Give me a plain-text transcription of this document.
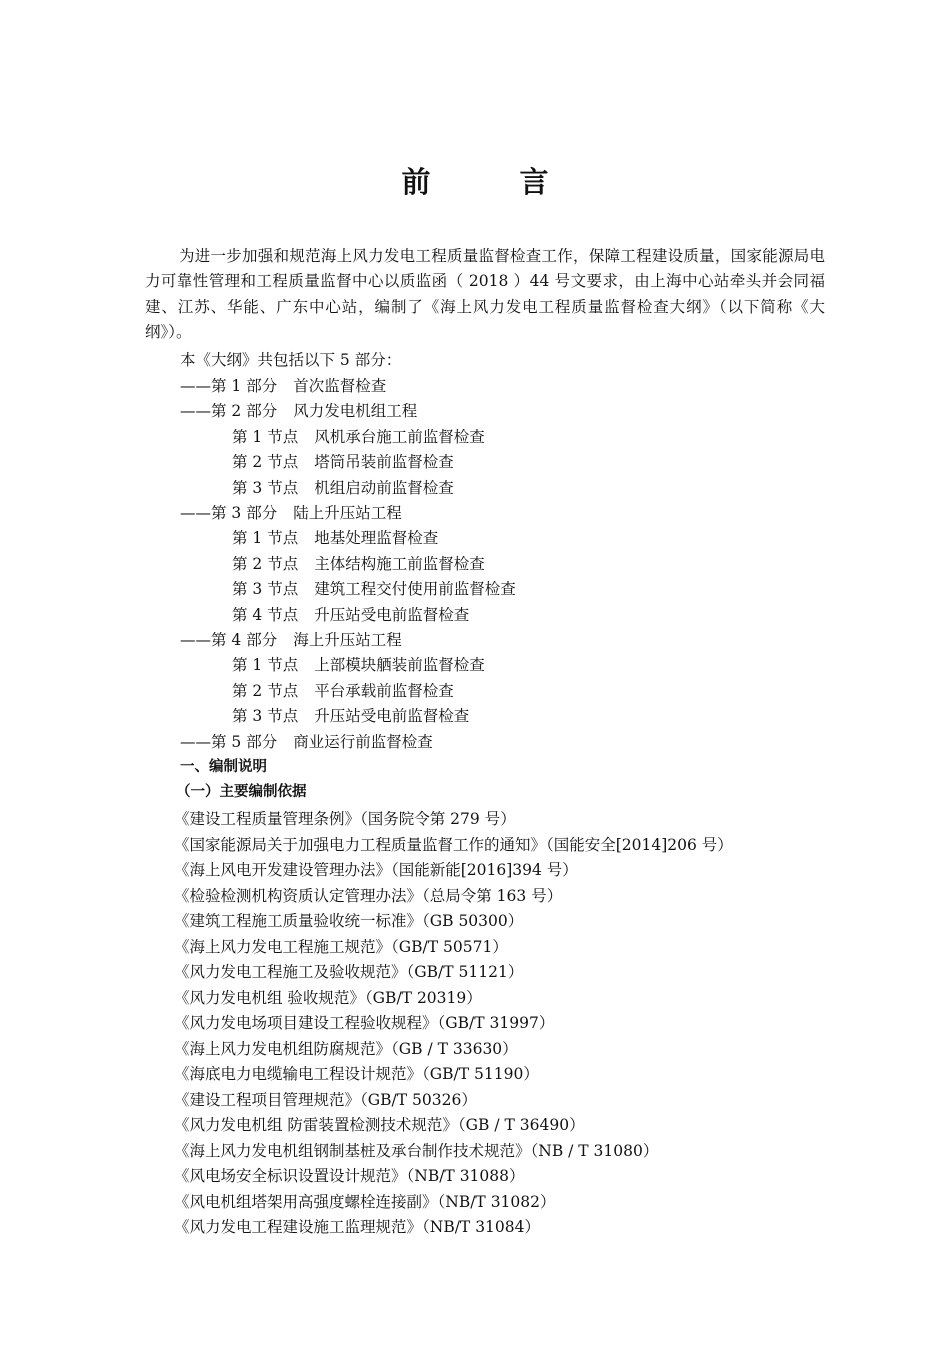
前　言
为进一步加强和规范海上风力发电工程质量监督检查工作，保障工程建设质量，国家能源局电力可靠性管理和工程质量监督中心以质监函（ 2018 ）44 号文要求，由上海中心站牵头并会同福建、江苏、华能、广东中心站，编制了《海上风力发电工程质量监督检查大纲》（以下简称《大纲》）。
本《大纲》共包括以下 5 部分：
——第 1 部分 首次监督检查
——第 2 部分 风力发电机组工程
第 1 节点 风机承台施工前监督检查
第 2 节点 塔筒吊装前监督检查
第 3 节点 机组启动前监督检查
——第 3 部分 陆上升压站工程
第 1 节点 地基处理监督检查
第 2 节点 主体结构施工前监督检查
第 3 节点 建筑工程交付使用前监督检查
第 4 节点 升压站受电前监督检查
——第 4 部分 海上升压站工程
第 1 节点 上部模块舾装前监督检查
第 2 节点 平台承载前监督检查
第 3 节点 升压站受电前监督检查
——第 5 部分 商业运行前监督检查
一、编制说明
（一）主要编制依据
《建设工程质量管理条例》（国务院令第 279 号）
《国家能源局关于加强电力工程质量监督工作的通知》（国能安全[2014]206 号）
《海上风电开发建设管理办法》（国能新能[2016]394 号）
《检验检测机构资质认定管理办法》（总局令第 163 号）
《建筑工程施工质量验收统一标准》（GB 50300）
《海上风力发电工程施工规范》（GB/T 50571）
《风力发电工程施工及验收规范》（GB/T 51121）
《风力发电机组 验收规范》（GB/T 20319）
《风力发电场项目建设工程验收规程》（GB/T 31997）
《海上风力发电机组防腐规范》（GB / T 33630）
《海底电力电缆输电工程设计规范》（GB/T 51190）
《建设工程项目管理规范》（GB/T 50326）
《风力发电机组 防雷装置检测技术规范》（GB / T 36490）
《海上风力发电机组钢制基桩及承台制作技术规范》（NB / T 31080）
《风电场安全标识设置设计规范》（NB/T 31088）
《风电机组塔架用高强度螺栓连接副》（NB/T 31082）
《风力发电工程建设施工监理规范》（NB/T 31084）
